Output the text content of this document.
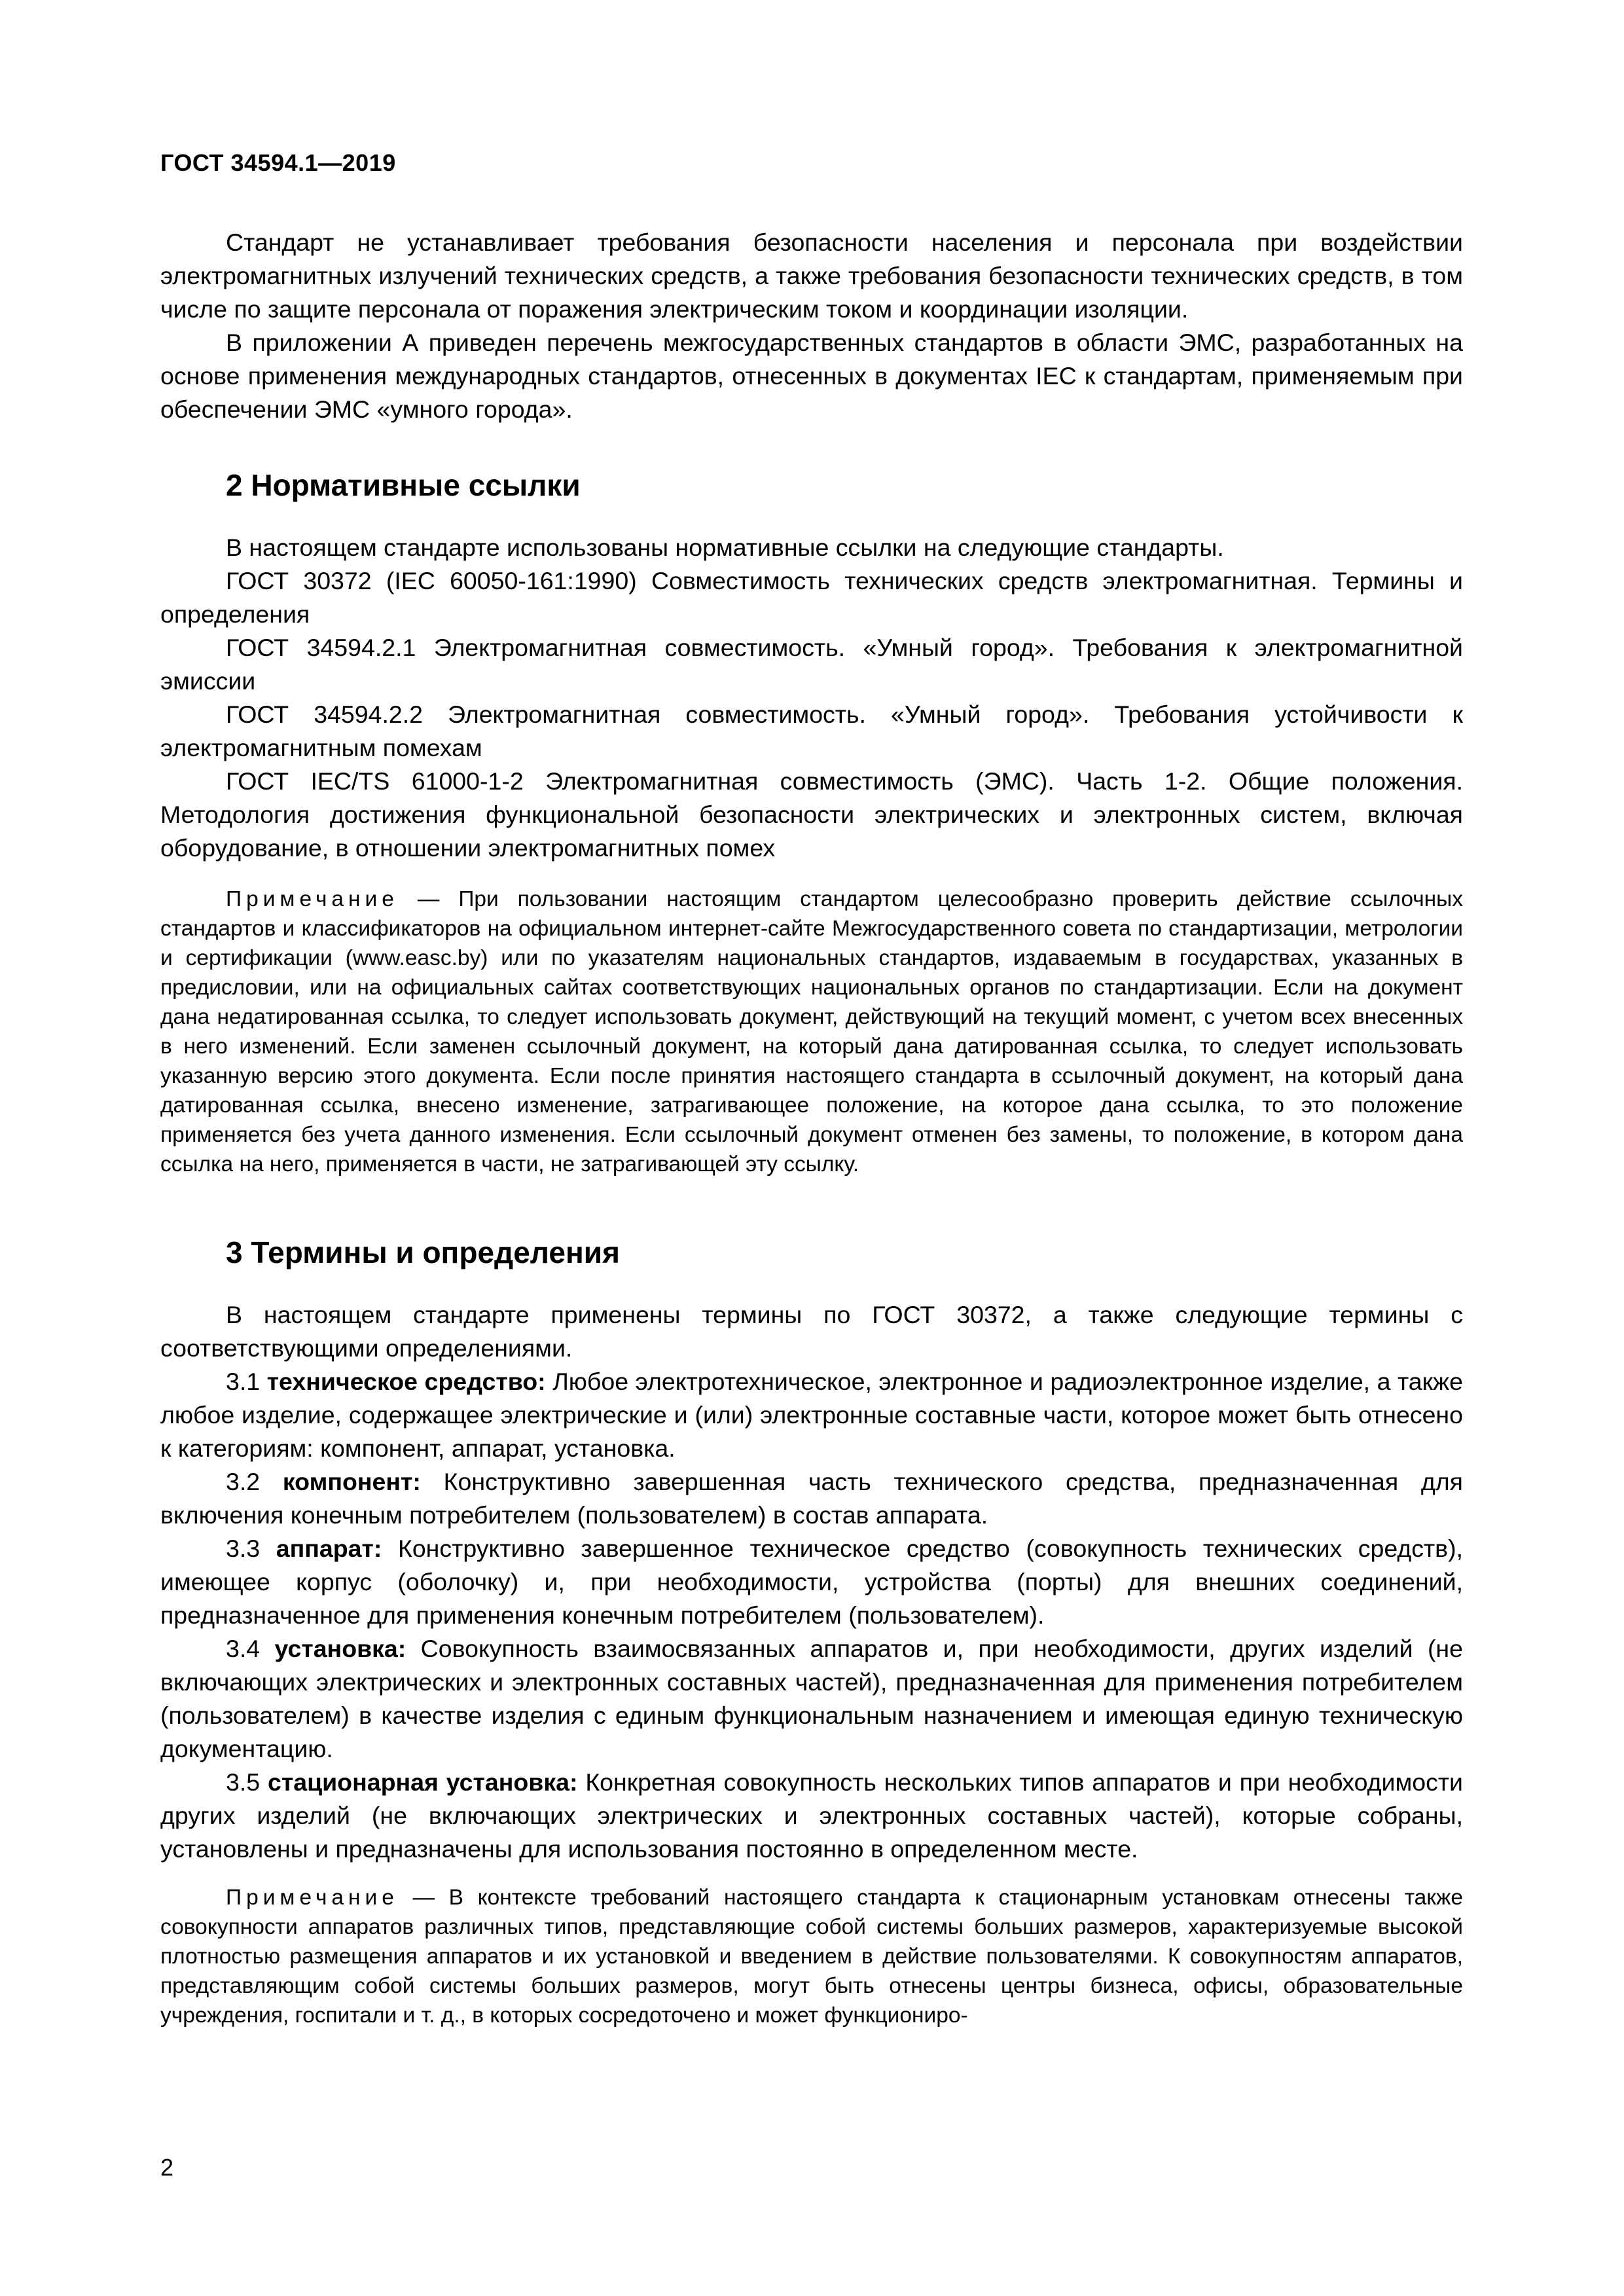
ГОСТ 34594.1—2019

Стандарт не устанавливает требования безопасности населения и персонала при воздействии электромагнитных излучений технических средств, а также требования безопасности технических средств, в том числе по защите персонала от поражения электрическим током и координации изоляции.

В приложении А приведен перечень межгосударственных стандартов в области ЭМС, разработанных на основе применения международных стандартов, отнесенных в документах IEC к стандартам, применяемым при обеспечении ЭМС «умного города».

2 Нормативные ссылки

В настоящем стандарте использованы нормативные ссылки на следующие стандарты.

ГОСТ 30372 (IEC 60050-161:1990) Совместимость технических средств электромагнитная. Термины и определения

ГОСТ 34594.2.1 Электромагнитная совместимость. «Умный город». Требования к электромагнитной эмиссии

ГОСТ 34594.2.2 Электромагнитная совместимость. «Умный город». Требования устойчивости к электромагнитным помехам

ГОСТ IEC/TS 61000-1-2 Электромагнитная совместимость (ЭМС). Часть 1-2. Общие положения. Методология достижения функциональной безопасности электрических и электронных систем, включая оборудование, в отношении электромагнитных помех

Примечание — При пользовании настоящим стандартом целесообразно проверить действие ссылочных стандартов и классификаторов на официальном интернет-сайте Межгосударственного совета по стандартизации, метрологии и сертификации (www.easc.by) или по указателям национальных стандартов, издаваемым в государствах, указанных в предисловии, или на официальных сайтах соответствующих национальных органов по стандартизации. Если на документ дана недатированная ссылка, то следует использовать документ, действующий на текущий момент, с учетом всех внесенных в него изменений. Если заменен ссылочный документ, на который дана датированная ссылка, то следует использовать указанную версию этого документа. Если после принятия настоящего стандарта в ссылочный документ, на который дана датированная ссылка, внесено изменение, затрагивающее положение, на которое дана ссылка, то это положение применяется без учета данного изменения. Если ссылочный документ отменен без замены, то положение, в котором дана ссылка на него, применяется в части, не затрагивающей эту ссылку.
3 Термины и определения

В настоящем стандарте применены термины по ГОСТ 30372, а также следующие термины с соответствующими определениями.

3.1 техническое средство: Любое электротехническое, электронное и радиоэлектронное изделие, а также любое изделие, содержащее электрические и (или) электронные составные части, которое может быть отнесено к категориям: компонент, аппарат, установка.

3.2 компонент: Конструктивно завершенная часть технического средства, предназначенная для включения конечным потребителем (пользователем) в состав аппарата.

3.3 аппарат: Конструктивно завершенное техническое средство (совокупность технических средств), имеющее корпус (оболочку) и, при необходимости, устройства (порты) для внешних соединений, предназначенное для применения конечным потребителем (пользователем).

3.4 установка: Совокупность взаимосвязанных аппаратов и, при необходимости, других изделий (не включающих электрических и электронных составных частей), предназначенная для применения потребителем (пользователем) в качестве изделия с единым функциональным назначением и имеющая единую техническую документацию.

3.5 стационарная установка: Конкретная совокупность нескольких типов аппаратов и при необходимости других изделий (не включающих электрических и электронных составных частей), которые собраны, установлены и предназначены для использования постоянно в определенном месте.

Примечание — В контексте требований настоящего стандарта к стационарным установкам отнесены также совокупности аппаратов различных типов, представляющие собой системы больших размеров, характеризуемые высокой плотностью размещения аппаратов и их установкой и введением в действие пользователями. К совокупностям аппаратов, представляющим собой системы больших размеров, могут быть отнесены центры бизнеса, офисы, образовательные учреждения, госпитали и т. д., в которых сосредоточено и может функциониро-
2
